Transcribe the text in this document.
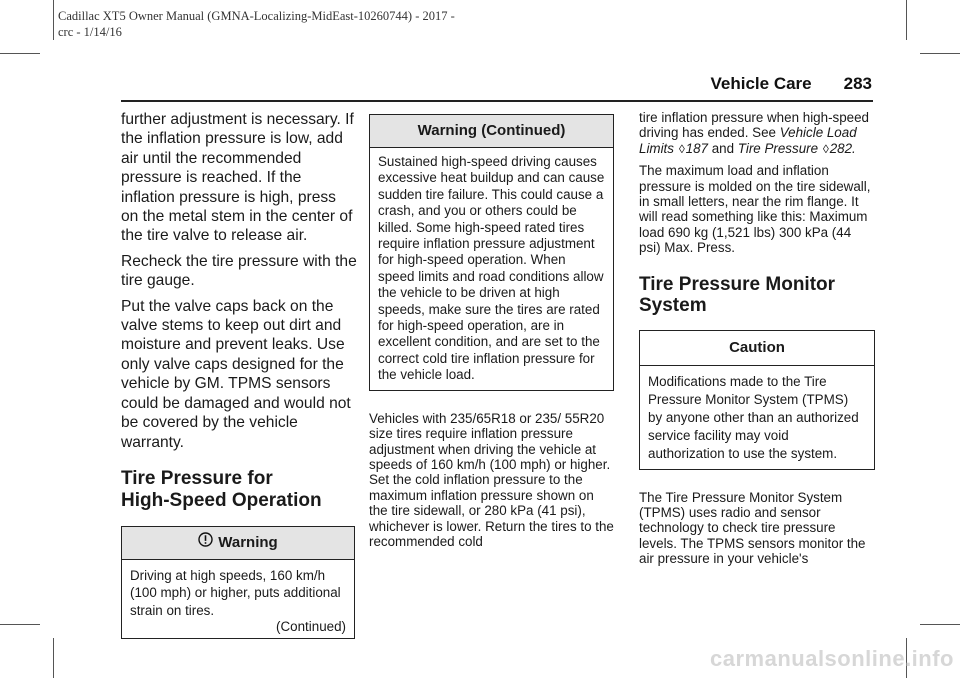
Cadillac XT5 Owner Manual (GMNA-Localizing-MidEast-10260744) - 2017 -
crc - 1/14/16
Vehicle Care 283

further adjustment is necessary. If the inflation pressure is low, add air until the recommended pressure is reached. If the inflation pressure is high, press on the metal stem in the center of the tire valve to release air.

Recheck the tire pressure with the tire gauge.

Put the valve caps back on the valve stems to keep out dirt and moisture and prevent leaks. Use only valve caps designed for the vehicle by GM. TPMS sensors could be damaged and would not be covered by the vehicle warranty.

Tire Pressure for
High-Speed Operation
Warning
Driving at high speeds, 160 km/h (100 mph) or higher, puts additional strain on tires.
(Continued)
Warning (Continued)
Sustained high-speed driving causes excessive heat buildup and can cause sudden tire failure. This could cause a crash, and you or others could be killed. Some high-speed rated tires require inflation pressure adjustment for high-speed operation. When speed limits and road conditions allow the vehicle to be driven at high speeds, make sure the tires are rated for high-speed operation, are in excellent condition, and are set to the correct cold tire inflation pressure for the vehicle load.

Vehicles with 235/65R18 or 235/ 55R20 size tires require inflation pressure adjustment when driving the vehicle at speeds of 160 km/h (100 mph) or higher. Set the cold inflation pressure to the maximum inflation pressure shown on the tire sidewall, or 280 kPa (41 psi), whichever is lower. Return the tires to the recommended cold

tire inflation pressure when high-speed driving has ended. See Vehicle Load Limits ◊187 and Tire Pressure ◊282.

The maximum load and inflation pressure is molded on the tire sidewall, in small letters, near the rim flange. It will read something like this: Maximum load 690 kg (1,521 lbs) 300 kPa (44 psi) Max. Press.

Tire Pressure Monitor
System
Caution
Modifications made to the Tire Pressure Monitor System (TPMS) by anyone other than an authorized service facility may void authorization to use the system.

The Tire Pressure Monitor System (TPMS) uses radio and sensor technology to check tire pressure levels. The TPMS sensors monitor the air pressure in your vehicle's

carmanualsonline.info
